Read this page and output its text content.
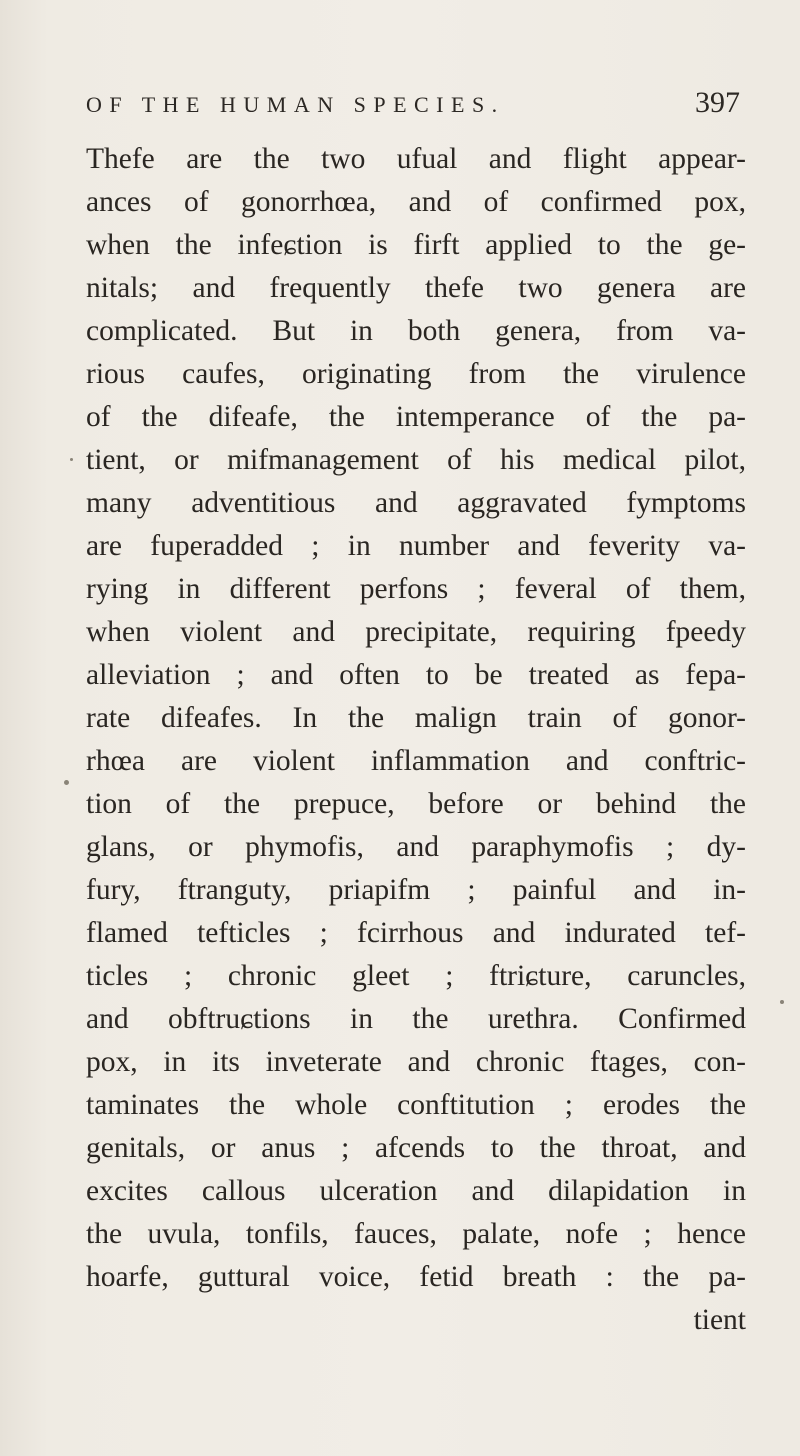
OF THE HUMAN SPECIES.	397
Thefe are the two ufual and flight appear-
ances of gonorrhœa, and of confirmed pox,
when the infeɕtion is firft applied to the ge-
nitals; and frequently thefe two genera are
complicated. But in both genera, from va-
rious caufes, originating from the virulence
of the difeafe, the intemperance of the pa-
tient, or mifmanagement of his medical pilot,
many adventitious and aggravated fymptoms
are fuperadded ; in number and feverity va-
rying in different perfons ; feveral of them,
when violent and precipitate, requiring fpeedy
alleviation ; and often to be treated as fepa-
rate difeafes. In the malign train of gonor-
rhœa are violent inflammation and conftric-
tion of the prepuce, before or behind the
glans, or phymofis, and paraphymofis ; dy-
fury, ftranguty, priapifm ; painful and in-
flamed tefticles ; fcirrhous and indurated tef-
ticles ; chronic gleet ; ftriɕture, caruncles,
and obftruɕtions in the urethra. Confirmed
pox, in its inveterate and chronic ftages, con-
taminates the whole conftitution ; erodes the
genitals, or anus ; afcends to the throat, and
excites callous ulceration and dilapidation in
the uvula, tonfils, fauces, palate, nofe ; hence
hoarfe, guttural voice, fetid breath : the pa-
tient
